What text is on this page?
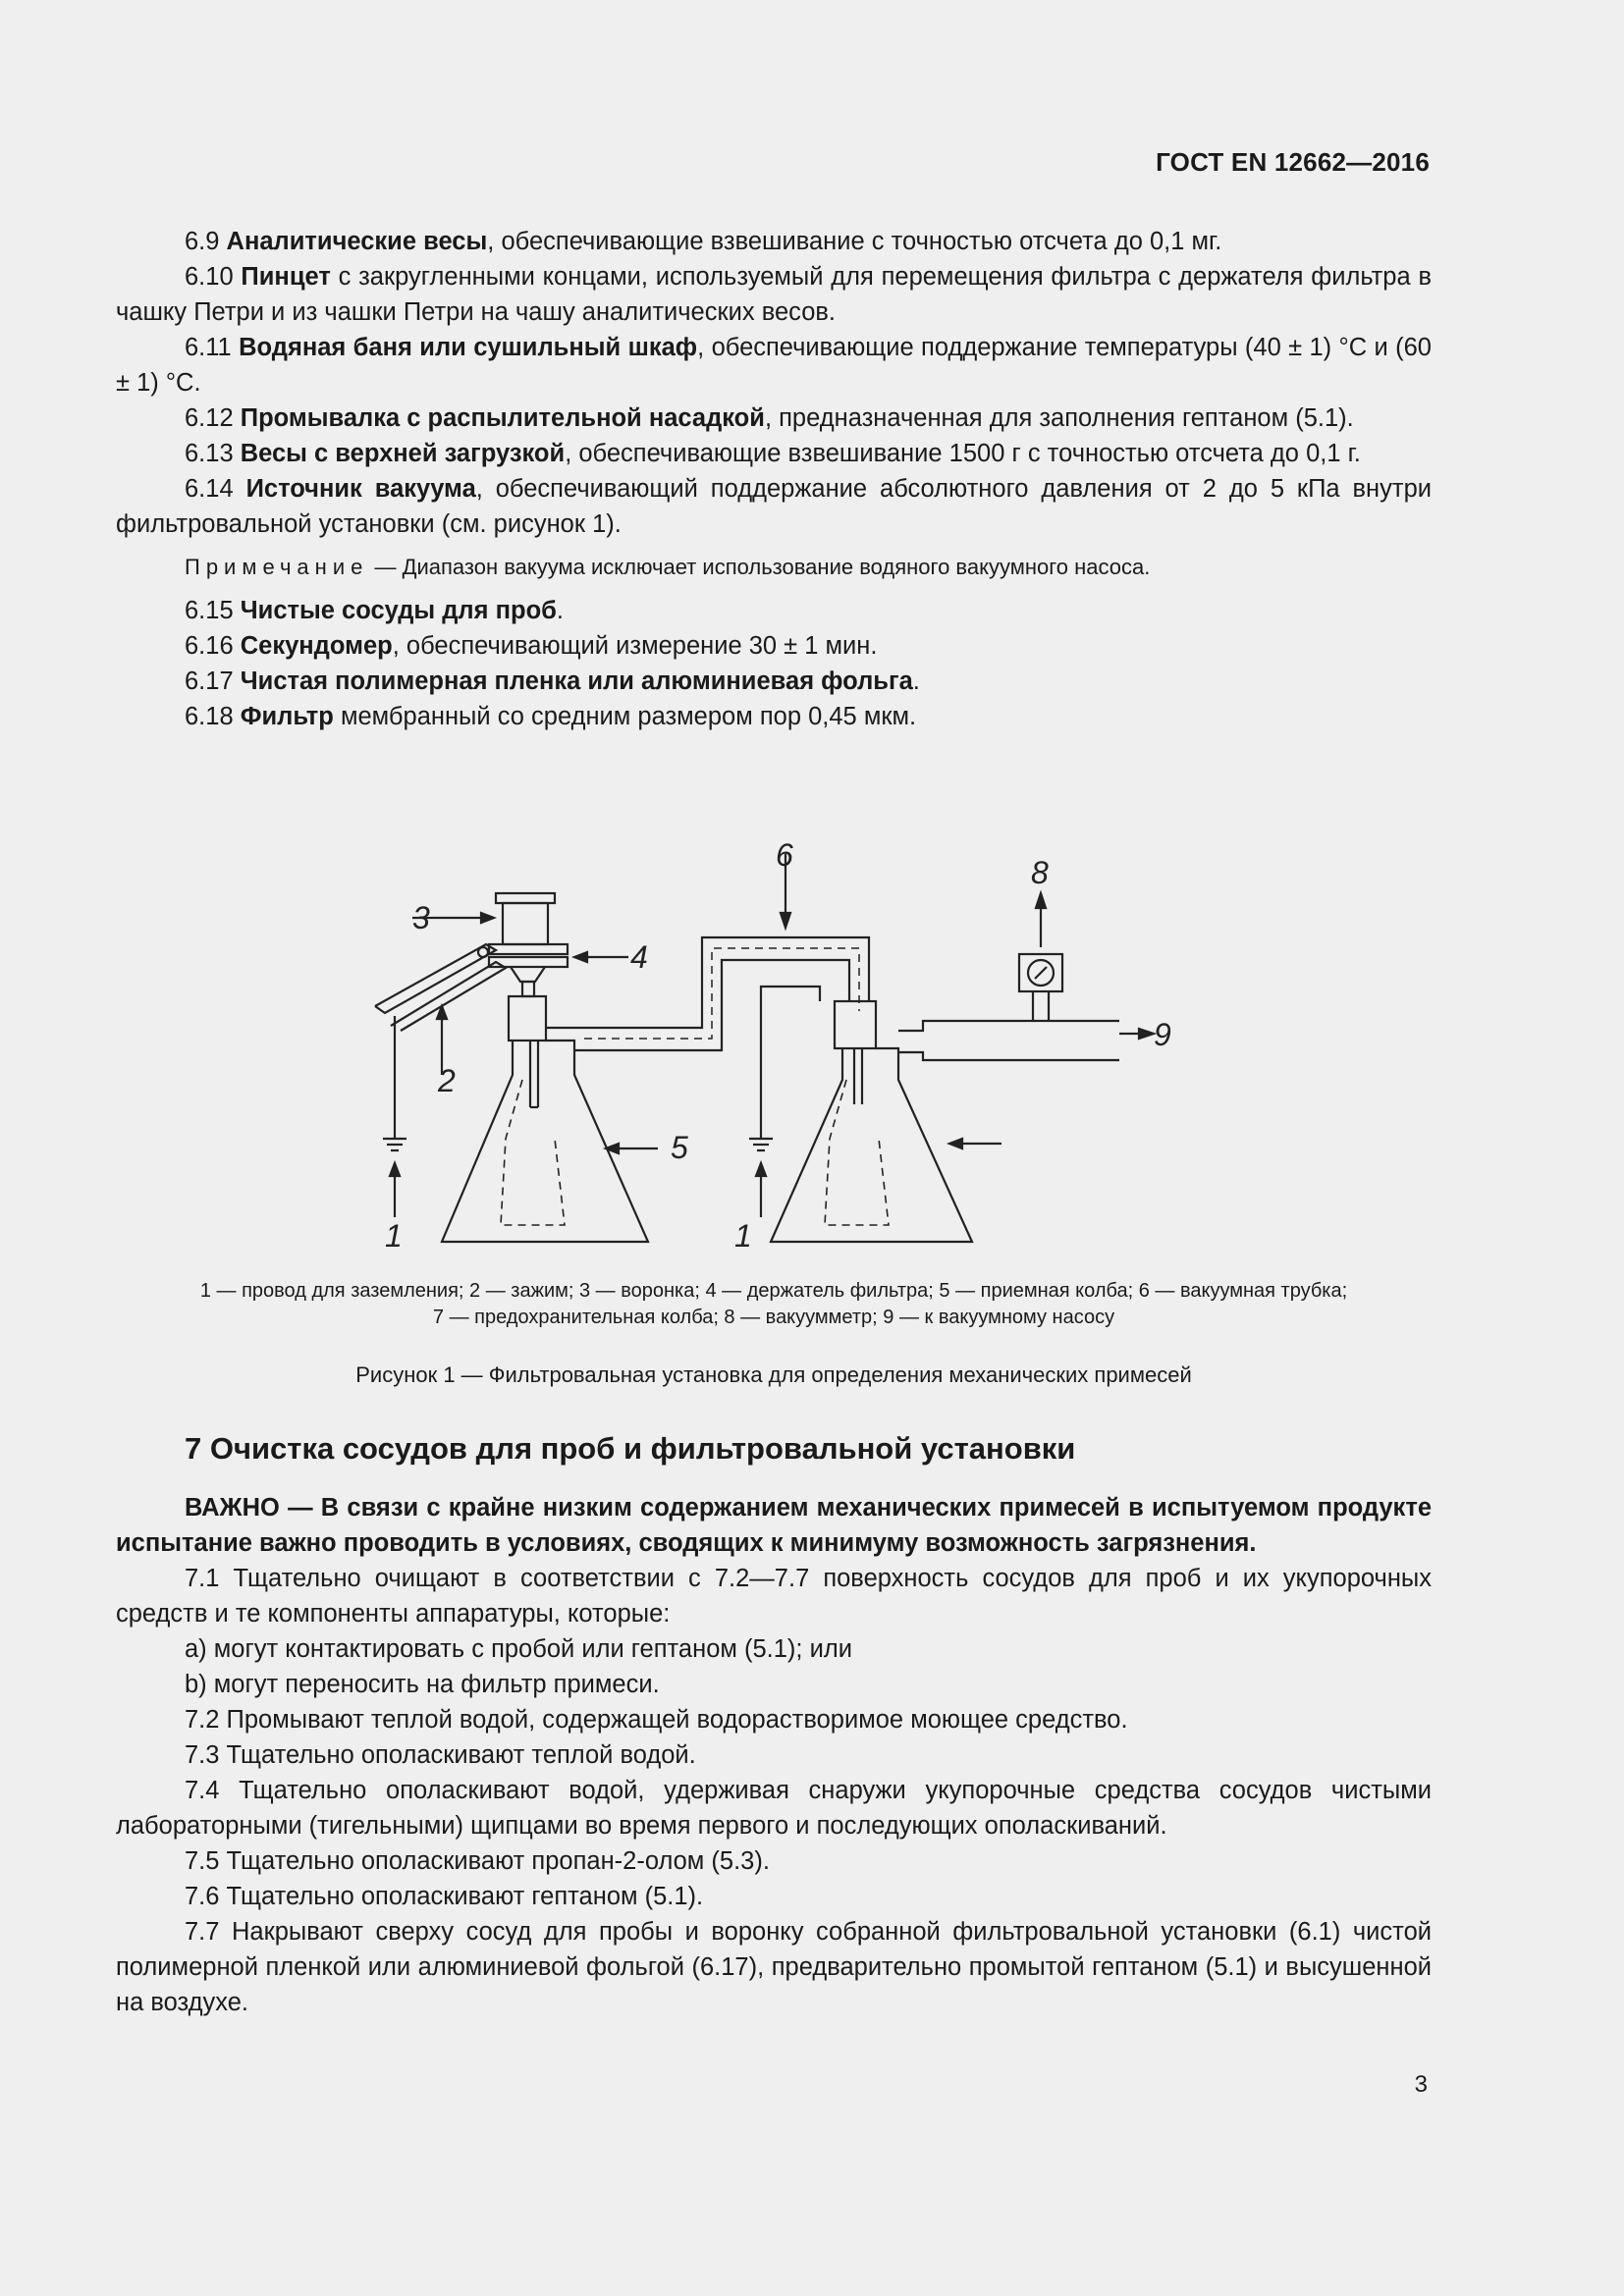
ГОСТ EN 12662—2016

6.9 Аналитические весы, обеспечивающие взвешивание с точностью отсчета до 0,1 мг.

6.10 Пинцет с закругленными концами, используемый для перемещения фильтра с держателя фильтра в чашку Петри и из чашки Петри на чашу аналитических весов.

6.11 Водяная баня или сушильный шкаф, обеспечивающие поддержание температуры (40 ± 1) °С и (60 ± 1) °С.

6.12 Промывалка с распылительной насадкой, предназначенная для заполнения гептаном (5.1).

6.13 Весы с верхней загрузкой, обеспечивающие взвешивание 1500 г с точностью отсчета до 0,1 г.

6.14 Источник вакуума, обеспечивающий поддержание абсолютного давления от 2 до 5 кПа внутри фильтровальной установки (см. рисунок 1).

Примечание — Диапазон вакуума исключает использование водяного вакуумного насоса.

6.15 Чистые сосуды для проб.

6.16 Секундомер, обеспечивающий измерение 30 ± 1 мин.

6.17 Чистая полимерная пленка или алюминиевая фольга.

6.18 Фильтр мембранный со средним размером пор 0,45 мкм.

1	1
2
3
4
5
6	8
9
1 — провод для заземления; 2 — зажим; 3 — воронка; 4 — держатель фильтра; 5 — приемная колба; 6 — вакуумная трубка;
7 — предохранительная колба; 8 — вакуумметр; 9 — к вакуумному насосу
Рисунок 1 — Фильтровальная установка для определения механических примесей

7 Очистка сосудов для проб и фильтровальной установки

ВАЖНО — В связи с крайне низким содержанием механических примесей в испытуемом продукте испытание важно проводить в условиях, сводящих к минимуму возможность загрязнения.

7.1 Тщательно очищают в соответствии с 7.2—7.7 поверхность сосудов для проб и их укупорочных средств и те компоненты аппаратуры, которые:

а) могут контактировать с пробой или гептаном (5.1); или

b) могут переносить на фильтр примеси.

7.2 Промывают теплой водой, содержащей водорастворимое моющее средство.

7.3 Тщательно ополаскивают теплой водой.

7.4 Тщательно ополаскивают водой, удерживая снаружи укупорочные средства сосудов чистыми лабораторными (тигельными) щипцами во время первого и последующих ополаскиваний.

7.5 Тщательно ополаскивают пропан-2-олом (5.3).

7.6 Тщательно ополаскивают гептаном (5.1).

7.7 Накрывают сверху сосуд для пробы и воронку собранной фильтровальной установки (6.1) чистой полимерной пленкой или алюминиевой фольгой (6.17), предварительно промытой гептаном (5.1) и высушенной на воздухе.

3
